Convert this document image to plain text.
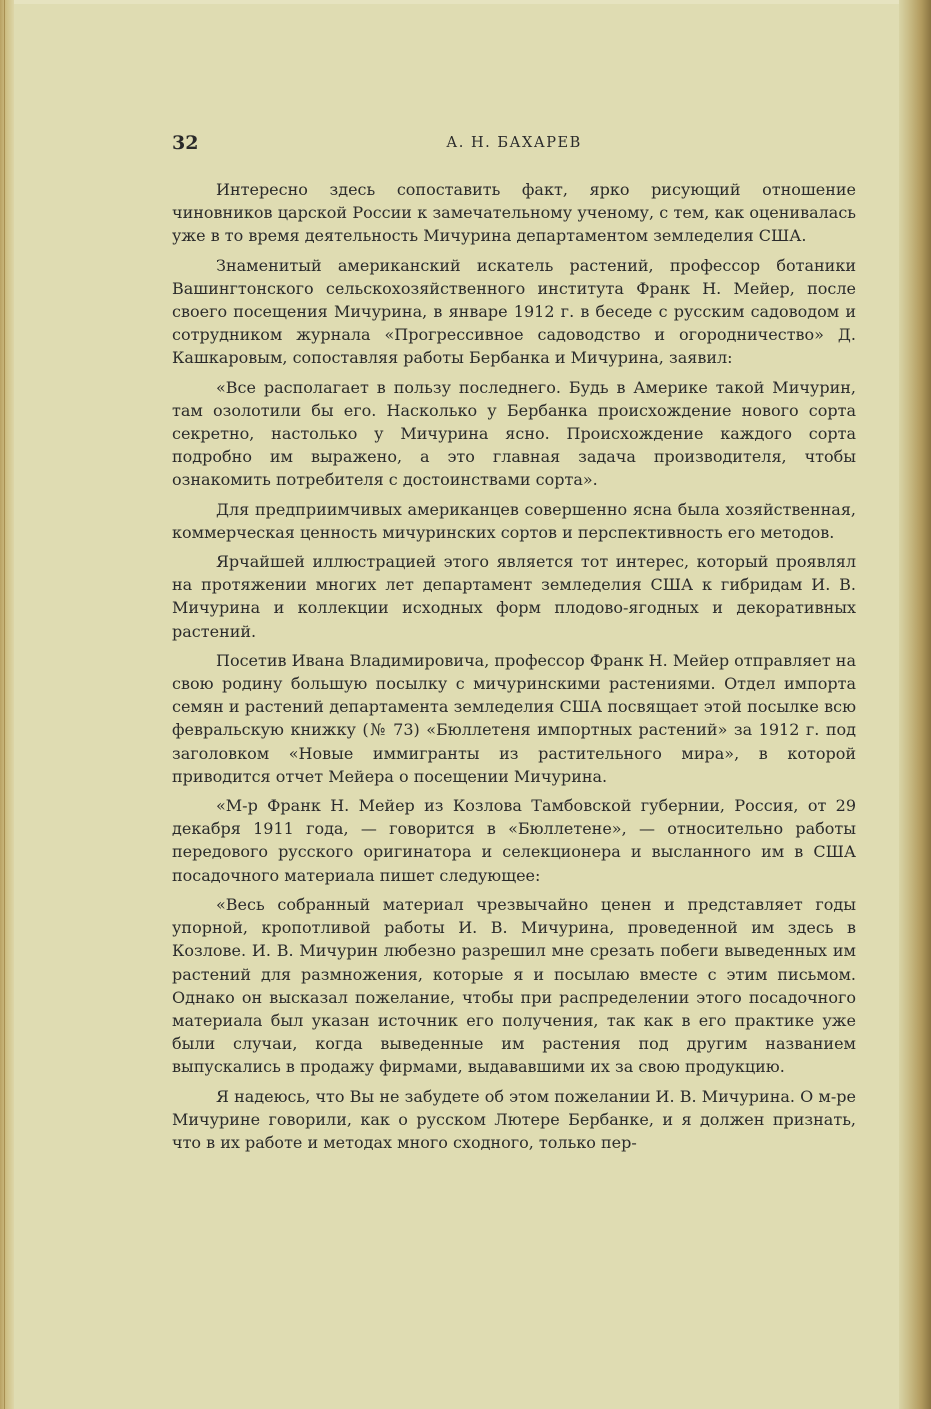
32	А. Н. БАХАРЕВ

Интересно здесь сопоставить факт, ярко рисующий отношение чиновников царской России к замечательному ученому, с тем, как оценивалась уже в то время деятельность Мичурина департаментом земледелия США.

Знаменитый американский искатель растений, профессор ботаники Вашингтонского сельскохозяйственного института Франк Н. Мейер, после своего посещения Мичурина, в январе 1912 г. в беседе с русским садоводом и сотрудником журнала «Прогрессивное садоводство и огородничество» Д. Кашкаровым, сопоставляя работы Бербанка и Мичурина, заявил:

«Все располагает в пользу последнего. Будь в Америке такой Мичурин, там озолотили бы его. Насколько у Бербанка происхождение нового сорта секретно, настолько у Мичурина ясно. Происхождение каждого сорта подробно им выражено, а это главная задача производителя, чтобы ознакомить потребителя с достоинствами сорта».

Для предприимчивых американцев совершенно ясна была хозяйственная, коммерческая ценность мичуринских сортов и перспективность его методов.

Ярчайшей иллюстрацией этого является тот интерес, который проявлял на протяжении многих лет департамент земледелия США к гибридам И. В. Мичурина и коллекции исходных форм плодово-ягодных и декоративных растений.

Посетив Ивана Владимировича, профессор Франк Н. Мейер отправляет на свою родину большую посылку с мичуринскими растениями. Отдел импорта семян и растений департамента земледелия США посвящает этой посылке всю февральскую книжку (№ 73) «Бюллетеня импортных растений» за 1912 г. под заголовком «Новые иммигранты из растительного мира», в которой приводится отчет Мейера о посещении Мичурина.

«М-р Франк Н. Мейер из Козлова Тамбовской губернии, Россия, от 29 декабря 1911 года, — говорится в «Бюллетене», — относительно работы передового русского оригинатора и селекционера и высланного им в США посадочного материала пишет следующее:

«Весь собранный материал чрезвычайно ценен и представляет годы упорной, кропотливой работы И. В. Мичурина, проведенной им здесь в Козлове. И. В. Мичурин любезно разрешил мне срезать побеги выведенных им растений для размножения, которые я и посылаю вместе с этим письмом. Однако он высказал пожелание, чтобы при распределении этого посадочного материала был указан источник его получения, так как в его практике уже были случаи, когда выведенные им растения под другим названием выпускались в продажу фирмами, выдававшими их за свою продукцию.

Я надеюсь, что Вы не забудете об этом пожелании И. В. Мичурина. О м-ре Мичурине говорили, как о русском Лютере Бербанке, и я должен признать, что в их работе и методах много сходного, только пер-
